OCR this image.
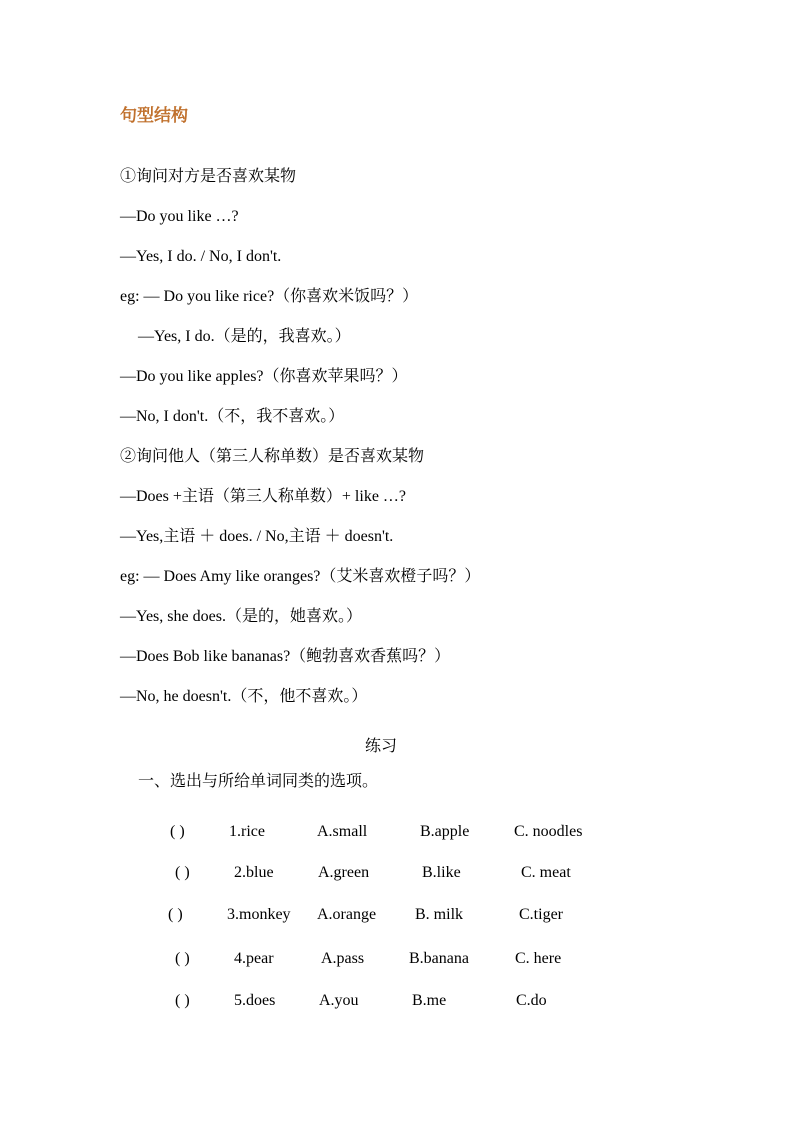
句型结构
①询问对方是否喜欢某物
—Do you like …?
—Yes, I do. / No, I don't.
eg: — Do you like rice?（你喜欢米饭吗？）
—Yes, I do.（是的，我喜欢。）
—Do you like apples?（你喜欢苹果吗？）
—No, I don't.（不，我不喜欢。）
②询问他人（第三人称单数）是否喜欢某物
—Does +主语（第三人称单数）+ like …?
—Yes,主语 ＋ does. / No,主语 ＋ doesn't.
eg: — Does Amy like oranges?（艾米喜欢橙子吗？）
—Yes, she does.（是的，她喜欢。）
—Does Bob like bananas?（鲍勃喜欢香蕉吗？）
—No, he doesn't.（不，他不喜欢。）
练习
一、选出与所给单词同类的选项。
( )	1.rice	A.small	B.apple	C. noodles
( )	2.blue	A.green	B.like	C. meat
( )	3.monkey A.orange B. milk	C.tiger
( )	4.pear	A.pass	B.banana	C. here
( )	5.does	A.you	B.me	C.do
